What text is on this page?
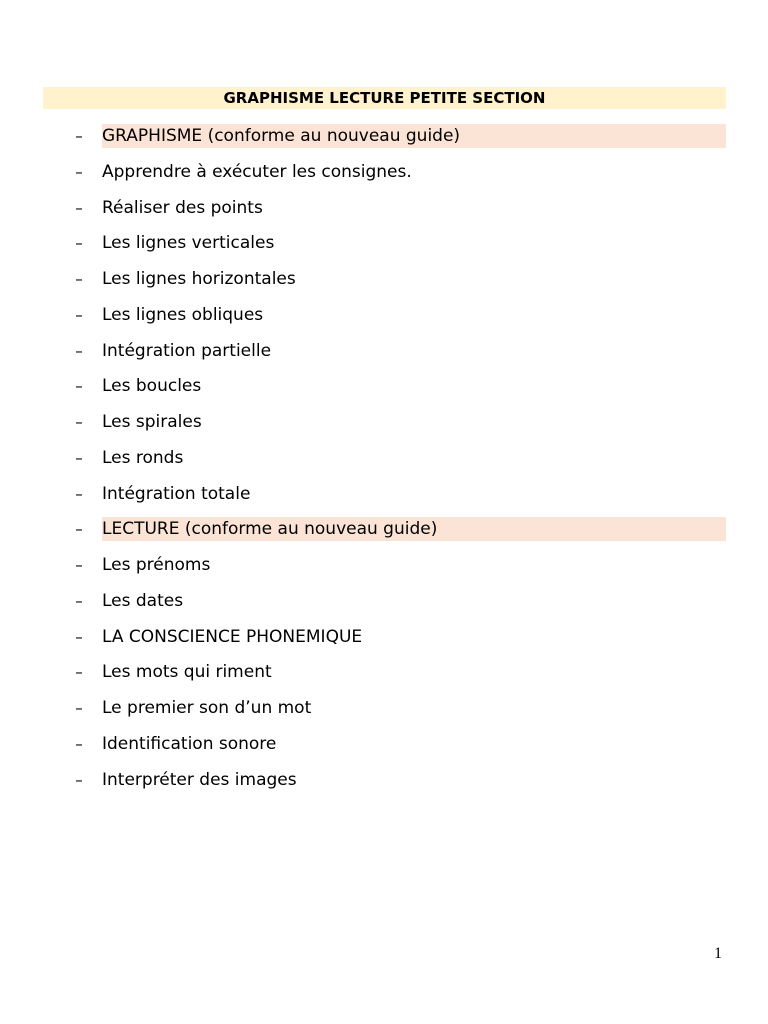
GRAPHISME LECTURE PETITE SECTION
– GRAPHISME (conforme au nouveau guide)
– Apprendre à exécuter les consignes.
– Réaliser des points
– Les lignes verticales
– Les lignes horizontales
– Les lignes obliques
– Intégration partielle
– Les boucles
– Les spirales
– Les ronds
– Intégration totale
– LECTURE (conforme au nouveau guide)
– Les prénoms
– Les dates
– LA CONSCIENCE PHONEMIQUE
– Les mots qui riment
– Le premier son d’un mot
– Identification sonore
– Interpréter des images
1
